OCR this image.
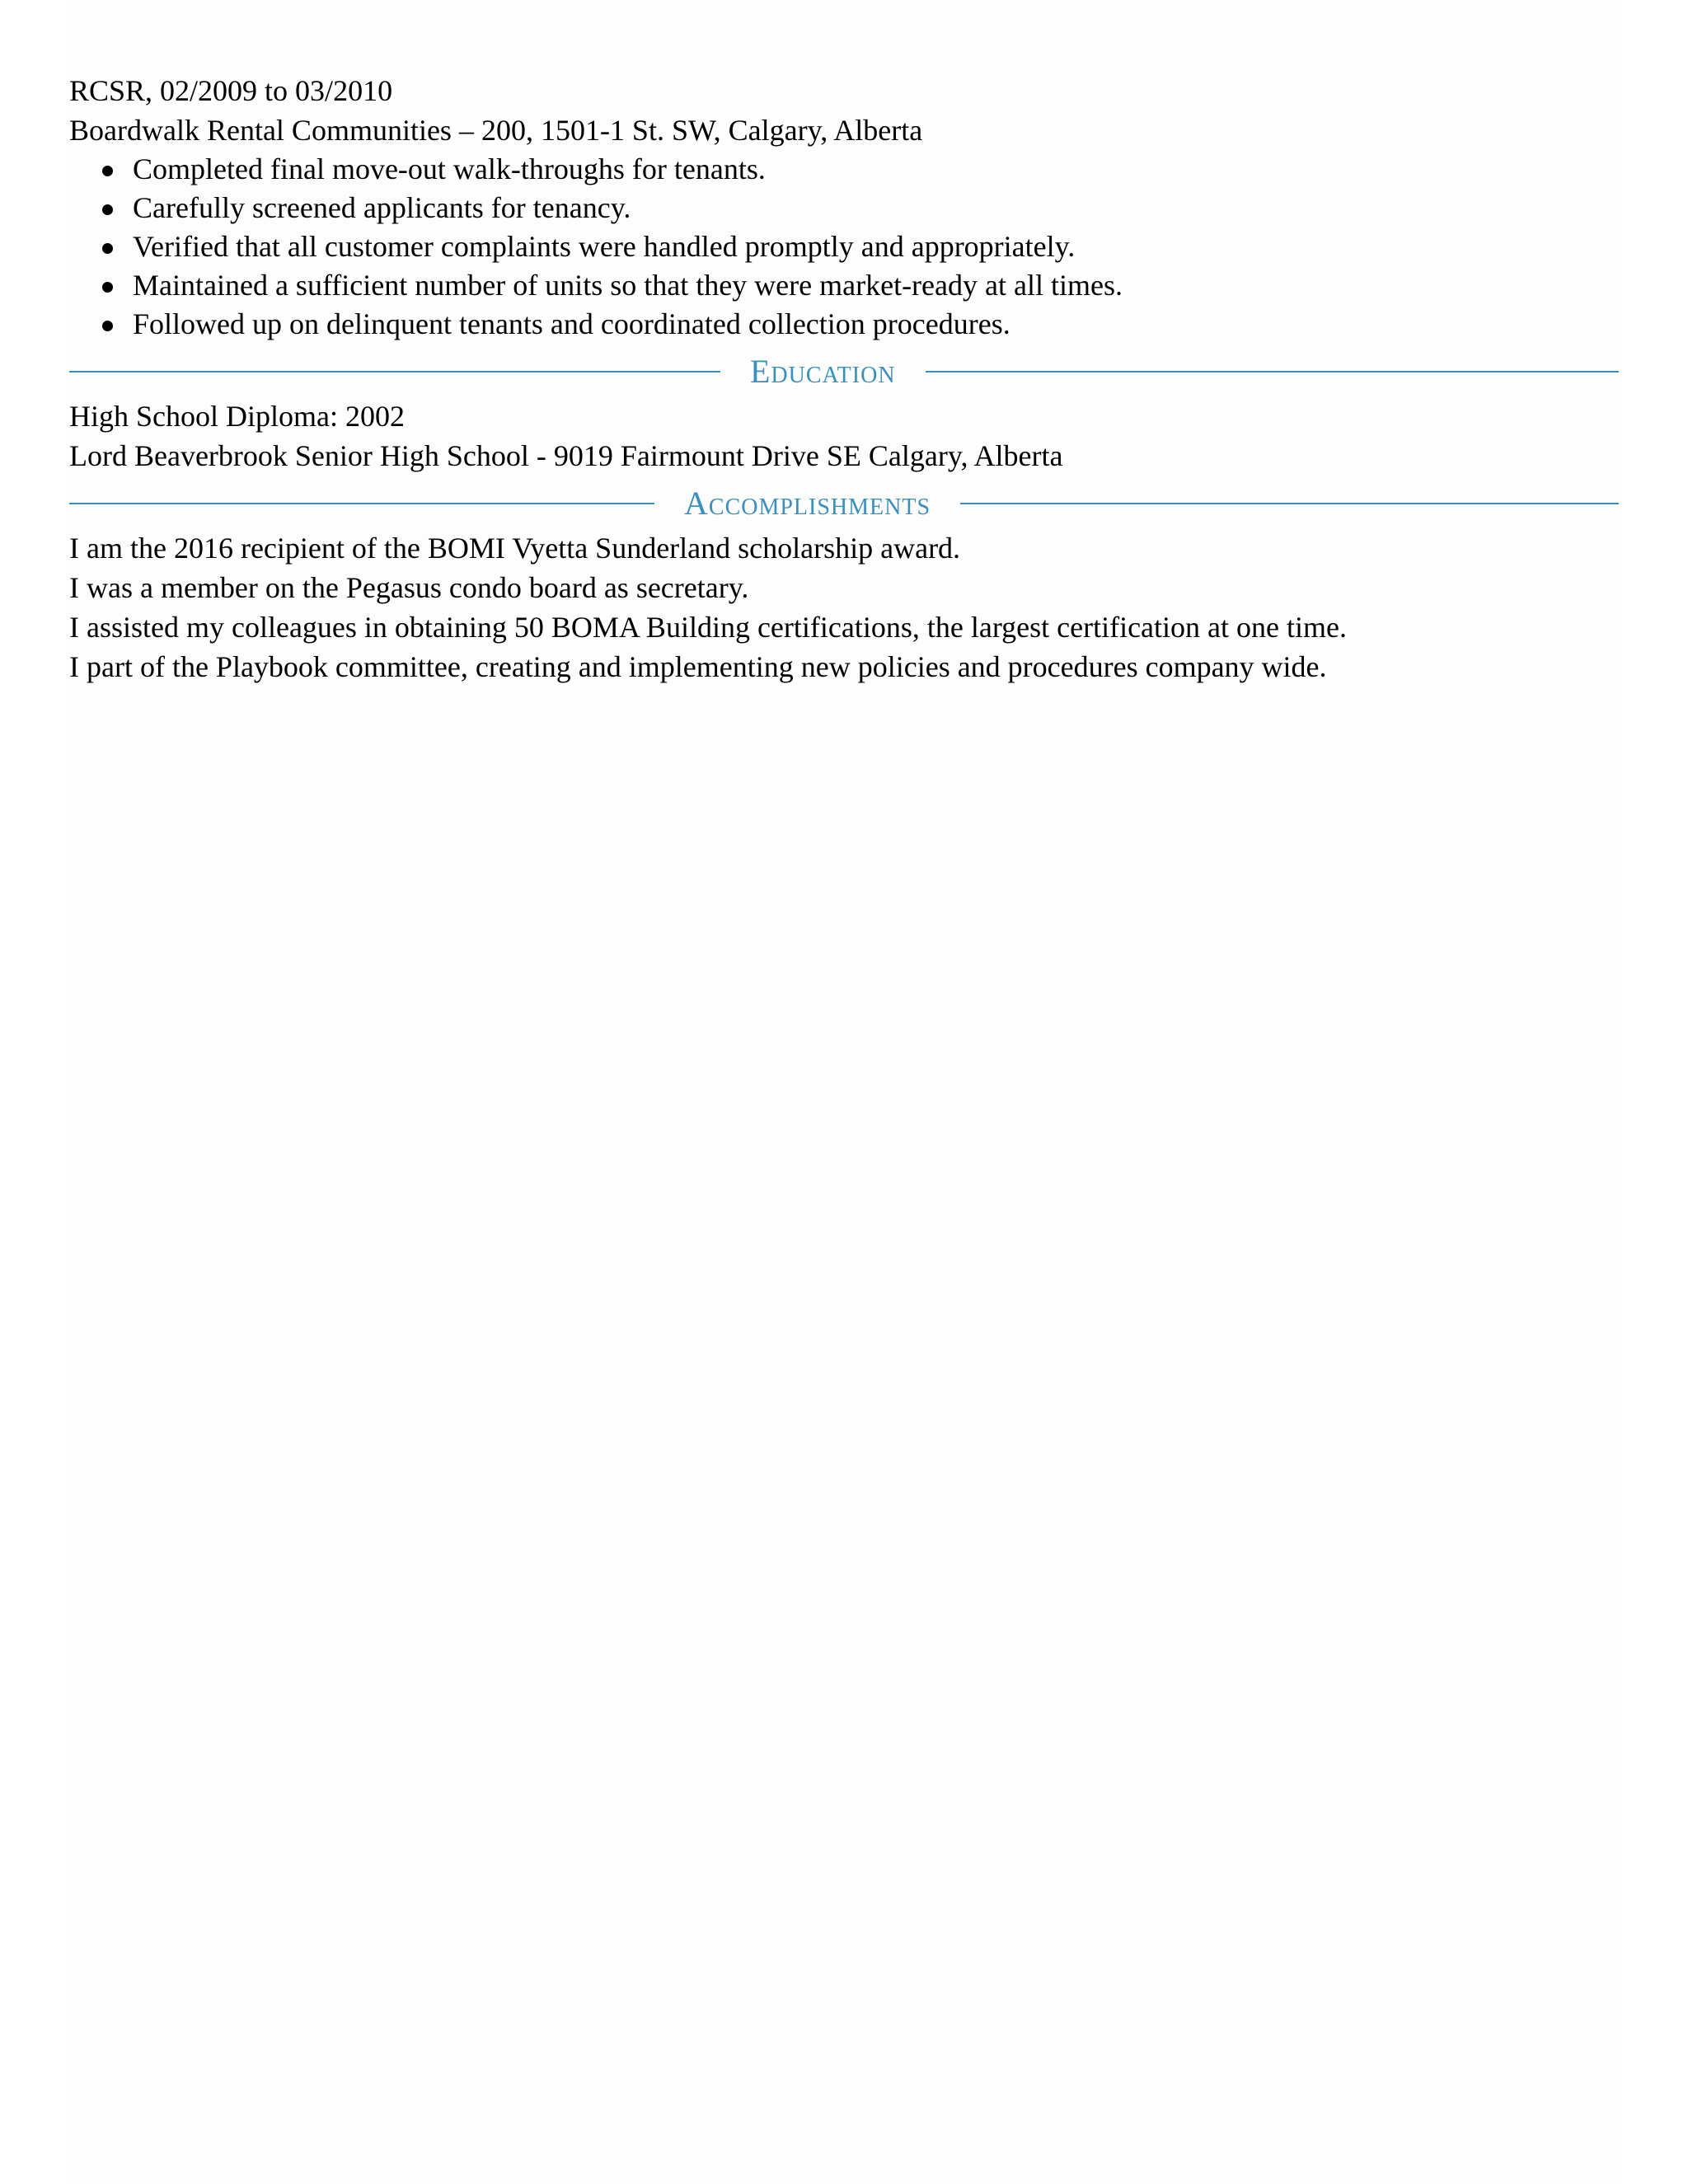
RCSR, 02/2009 to 03/2010

Boardwalk Rental Communities – 200, 1501-1 St. SW, Calgary, Alberta

Completed final move-out walk-throughs for tenants.
Carefully screened applicants for tenancy.
Verified that all customer complaints were handled promptly and appropriately.
Maintained a sufficient number of units so that they were market-ready at all times.
Followed up on delinquent tenants and coordinated collection procedures.
Education

High School Diploma: 2002

Lord Beaverbrook Senior High School - 9019 Fairmount Drive SE Calgary, Alberta

Accomplishments

I am the 2016 recipient of the BOMI Vyetta Sunderland scholarship award.

I was a member on the Pegasus condo board as secretary.

I assisted my colleagues in obtaining 50 BOMA Building certifications, the largest certification at one time.

I part of the Playbook committee, creating and implementing new policies and procedures company wide.
